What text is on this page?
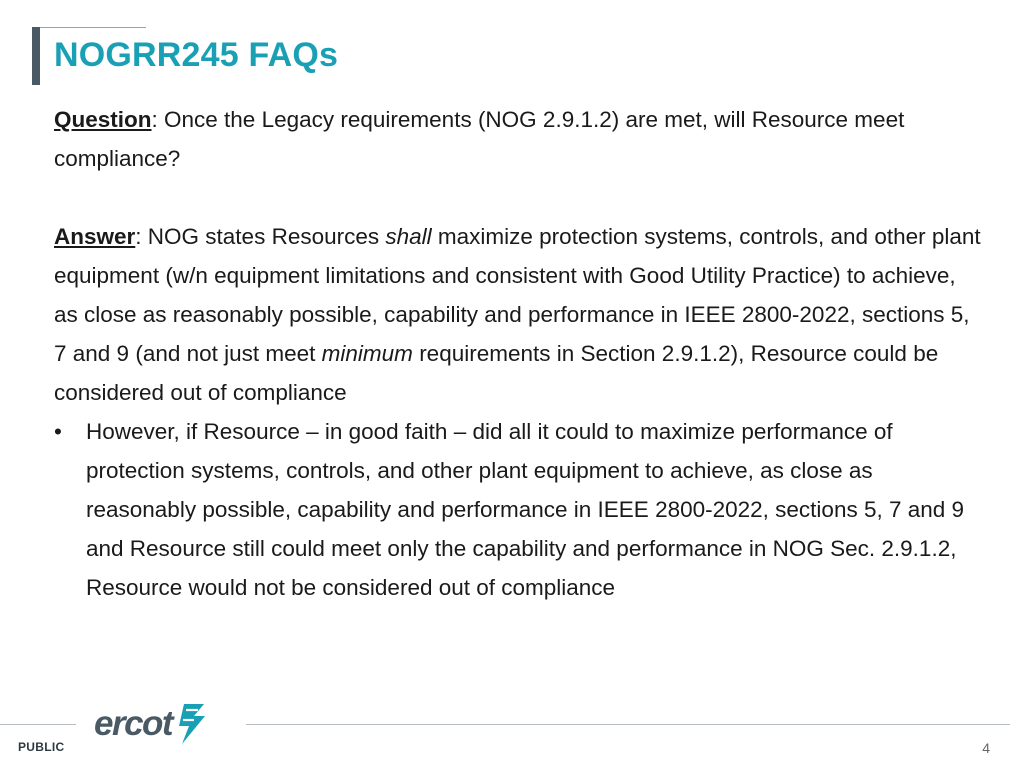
NOGRR245 FAQs

Question: Once the Legacy requirements (NOG 2.9.1.2) are met, will Resource meet compliance?

Answer: NOG states Resources shall maximize protection systems, controls, and other plant equipment (w/n equipment limitations and consistent with Good Utility Practice) to achieve, as close as reasonably possible, capability and performance in IEEE 2800-2022, sections 5, 7 and 9 (and not just meet minimum requirements in Section 2.9.1.2), Resource could be considered out of compliance

•	However, if Resource – in good faith – did all it could to maximize performance of protection systems, controls, and other plant equipment to achieve, as close as reasonably possible, capability and performance in IEEE 2800-2022, sections 5, 7 and 9 and Resource still could meet only the capability and performance in NOG Sec. 2.9.1.2, Resource would not be considered out of compliance
PUBLIC
ercot
4
